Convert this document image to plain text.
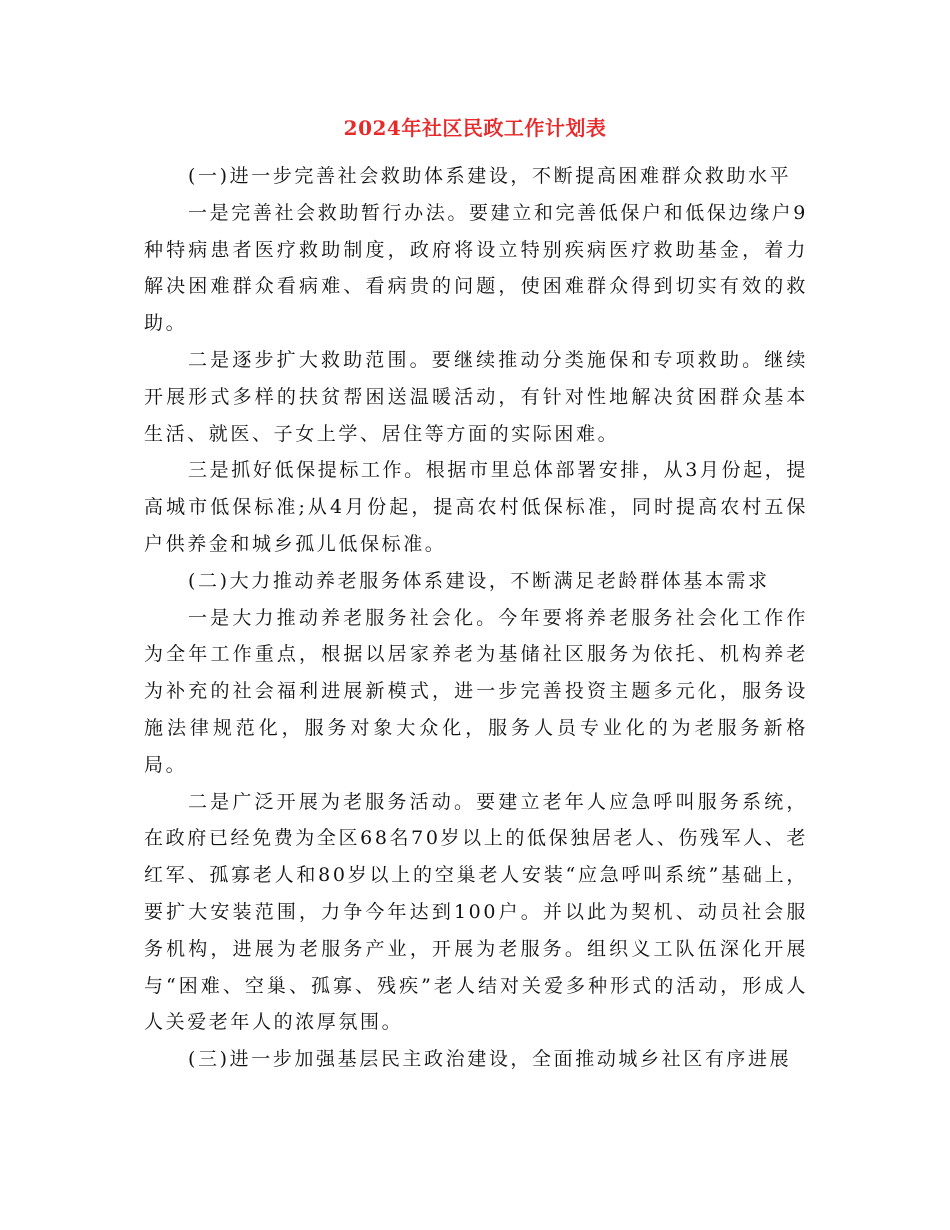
2024年社区民政工作计划表

(一)进一步完善社会救助体系建设，不断提高困难群众救助水平

一是完善社会救助暂行办法。要建立和完善低保户和低保边缘户9种特病患者医疗救助制度，政府将设立特别疾病医疗救助基金，着力解决困难群众看病难、看病贵的问题，使困难群众得到切实有效的救助。

二是逐步扩大救助范围。要继续推动分类施保和专项救助。继续开展形式多样的扶贫帮困送温暖活动，有针对性地解决贫困群众基本生活、就医、子女上学、居住等方面的实际困难。

三是抓好低保提标工作。根据市里总体部署安排，从3月份起，提高城市低保标准;从4月份起，提高农村低保标准，同时提高农村五保户供养金和城乡孤儿低保标准。

(二)大力推动养老服务体系建设，不断满足老龄群体基本需求

一是大力推动养老服务社会化。今年要将养老服务社会化工作作为全年工作重点，根据以居家养老为基储社区服务为依托、机构养老为补充的社会福利进展新模式，进一步完善投资主题多元化，服务设施法律规范化，服务对象大众化，服务人员专业化的为老服务新格局。

二是广泛开展为老服务活动。要建立老年人应急呼叫服务系统，在政府已经免费为全区68名70岁以上的低保独居老人、伤残军人、老红军、孤寡老人和80岁以上的空巢老人安装“应急呼叫系统”基础上，要扩大安装范围，力争今年达到100户。并以此为契机、动员社会服务机构，进展为老服务产业，开展为老服务。组织义工队伍深化开展与“困难、空巢、孤寡、残疾”老人结对关爱多种形式的活动，形成人人关爱老年人的浓厚氛围。

(三)进一步加强基层民主政治建设，全面推动城乡社区有序进展
